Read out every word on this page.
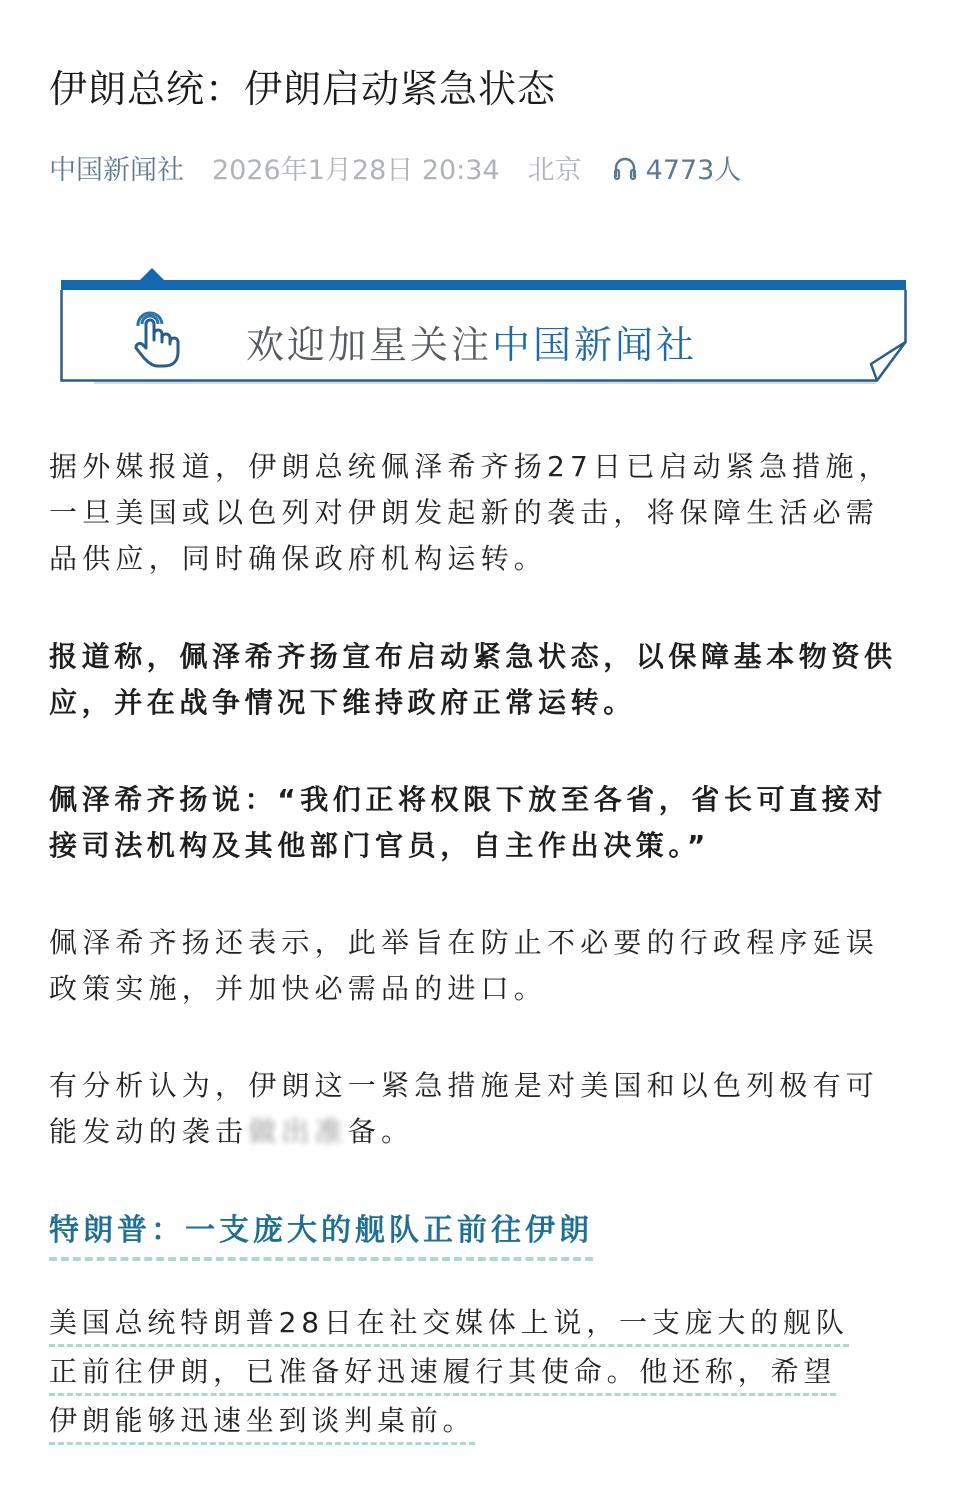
伊朗总统：伊朗启动紧急状态
中国新闻社 2026年1月28日 20:34 北京 4773人
欢迎加星关注中国新闻社

据外媒报道，伊朗总统佩泽希齐扬27日已启动紧急措施，一旦美国或以色列对伊朗发起新的袭击，将保障生活必需品供应，同时确保政府机构运转。

报道称，佩泽希齐扬宣布启动紧急状态，以保障基本物资供应，并在战争情况下维持政府正常运转。

佩泽希齐扬说：“我们正将权限下放至各省，省长可直接对接司法机构及其他部门官员，自主作出决策。”

佩泽希齐扬还表示，此举旨在防止不必要的行政程序延误政策实施，并加快必需品的进口。

有分析认为，伊朗这一紧急措施是对美国和以色列极有可能发动的袭击做出准备。

特朗普：一支庞大的舰队正前往伊朗
美国总统特朗普28日在社交媒体上说，一支庞大的舰队
正前往伊朗，已准备好迅速履行其使命。他还称，希望
伊朗能够迅速坐到谈判桌前。
